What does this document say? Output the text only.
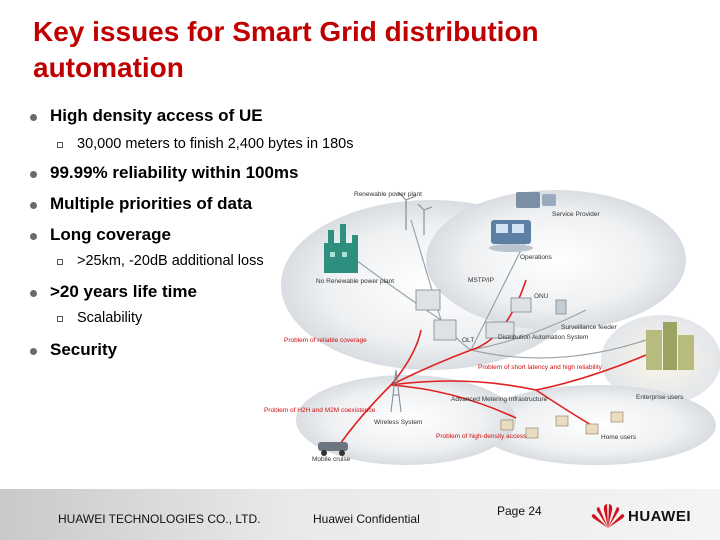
Key issues for Smart Grid distribution
automation
High density access of UE
30,000 meters to finish 2,400 bytes in 180s
99.99% reliability within 100ms
Multiple priorities of data
Long coverage
>25km, -20dB additional loss
>20 years life time
Scalability
Security
No Renewable power plant
Renewable power plant
Service Provider
Operations
MSTP/IP
ONU
OLT	Distribution Automation System
Surveillance feeder
Enterprise users
Wireless System
Mobile cruise
Advanced Metering Infrastructure
Home users
Problem of reliable coverage
Problem of short latency and high reliability
Problem of H2H and M2M coexistence
Problem of high-density access
HUAWEI TECHNOLOGIES CO., LTD.	Huawei Confidential
Page 24	HUAWEI
